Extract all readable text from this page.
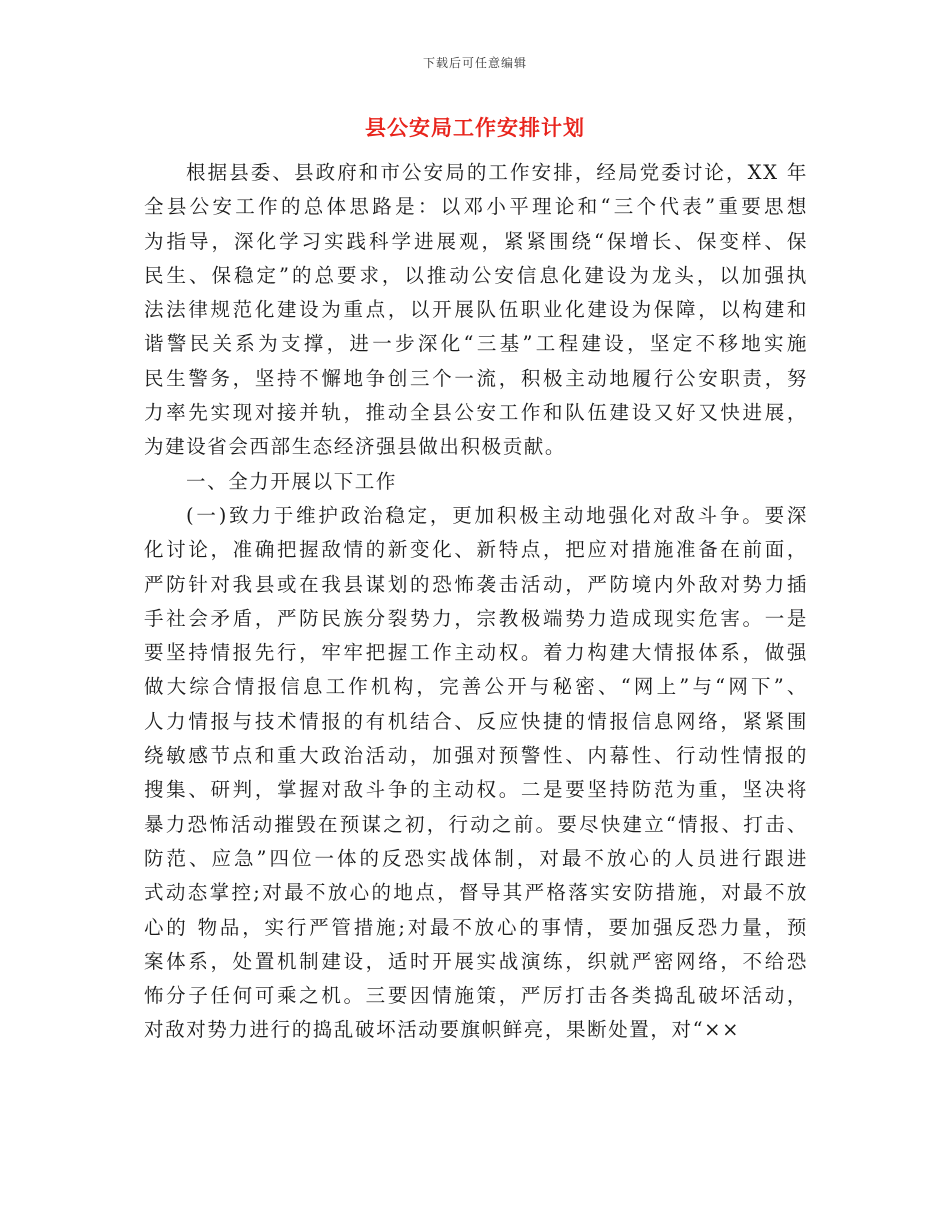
下载后可任意编辑
县公安局工作安排计划

根据县委、县政府和市公安局的工作安排，经局党委讨论，XX 年
全县公安工作的总体思路是：以邓小平理论和“三个代表”重要思想
为指导，深化学习实践科学进展观，紧紧围绕“保增长、保变样、保
民生、保稳定”的总要求，以推动公安信息化建设为龙头，以加强执
法法律规范化建设为重点，以开展队伍职业化建设为保障，以构建和
谐警民关系为支撑，进一步深化“三基”工程建设，坚定不移地实施
民生警务，坚持不懈地争创三个一流，积极主动地履行公安职责，努
力率先实现对接并轨，推动全县公安工作和队伍建设又好又快进展，
为建设省会西部生态经济强县做出积极贡献。

一、全力开展以下工作

(一)致力于维护政治稳定，更加积极主动地强化对敌斗争。要深
化讨论，准确把握敌情的新变化、新特点，把应对措施准备在前面，
严防针对我县或在我县谋划的恐怖袭击活动，严防境内外敌对势力插
手社会矛盾，严防民族分裂势力，宗教极端势力造成现实危害。一是
要坚持情报先行，牢牢把握工作主动权。着力构建大情报体系，做强
做大综合情报信息工作机构，完善公开与秘密、“网上”与“网下”、
人力情报与技术情报的有机结合、反应快捷的情报信息网络，紧紧围
绕敏感节点和重大政治活动，加强对预警性、内幕性、行动性情报的
搜集、研判，掌握对敌斗争的主动权。二是要坚持防范为重，坚决将
暴力恐怖活动摧毁在预谋之初，行动之前。要尽快建立“情报、打击、
防范、应急”四位一体的反恐实战体制，对最不放心的人员进行跟进
式动态掌控;对最不放心的地点，督导其严格落实安防措施，对最不放
心的 物品，实行严管措施;对最不放心的事情，要加强反恐力量，预
案体系，处置机制建设，适时开展实战演练，织就严密网络，不给恐
怖分子任何可乘之机。三要因情施策，严厉打击各类捣乱破坏活动，
对敌对势力进行的捣乱破坏活动要旗帜鲜亮，果断处置，对“××
